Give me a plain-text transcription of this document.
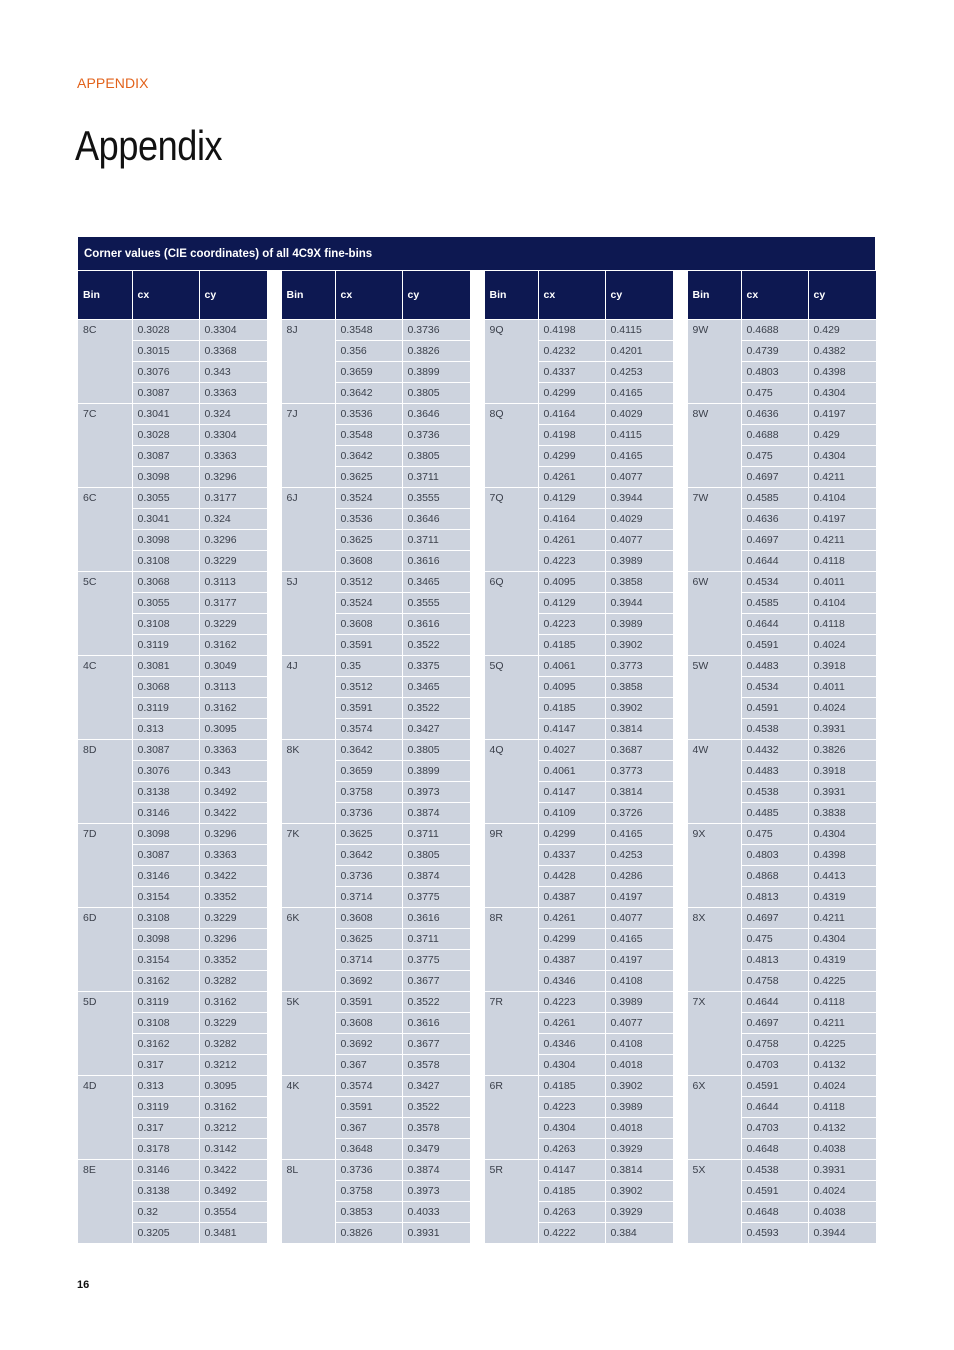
APPENDIX
Appendix
Corner values (CIE coordinates) of all 4C9X fine-bins
Bin	cx	cy		Bin	cx	cy		Bin	cx	cy		Bin	cx	cy
8C	0.3028	0.3304		8J	0.3548	0.3736		9Q	0.4198	0.4115		9W	0.4688	0.429
	0.3015	0.3368			0.356	0.3826			0.4232	0.4201			0.4739	0.4382
	0.3076	0.343			0.3659	0.3899			0.4337	0.4253			0.4803	0.4398
	0.3087	0.3363			0.3642	0.3805			0.4299	0.4165			0.475	0.4304
7C	0.3041	0.324		7J	0.3536	0.3646		8Q	0.4164	0.4029		8W	0.4636	0.4197
	0.3028	0.3304			0.3548	0.3736			0.4198	0.4115			0.4688	0.429
	0.3087	0.3363			0.3642	0.3805			0.4299	0.4165			0.475	0.4304
	0.3098	0.3296			0.3625	0.3711			0.4261	0.4077			0.4697	0.4211
6C	0.3055	0.3177		6J	0.3524	0.3555		7Q	0.4129	0.3944		7W	0.4585	0.4104
	0.3041	0.324			0.3536	0.3646			0.4164	0.4029			0.4636	0.4197
	0.3098	0.3296			0.3625	0.3711			0.4261	0.4077			0.4697	0.4211
	0.3108	0.3229			0.3608	0.3616			0.4223	0.3989			0.4644	0.4118
5C	0.3068	0.3113		5J	0.3512	0.3465		6Q	0.4095	0.3858		6W	0.4534	0.4011
	0.3055	0.3177			0.3524	0.3555			0.4129	0.3944			0.4585	0.4104
	0.3108	0.3229			0.3608	0.3616			0.4223	0.3989			0.4644	0.4118
	0.3119	0.3162			0.3591	0.3522			0.4185	0.3902			0.4591	0.4024
4C	0.3081	0.3049		4J	0.35	0.3375		5Q	0.4061	0.3773		5W	0.4483	0.3918
	0.3068	0.3113			0.3512	0.3465			0.4095	0.3858			0.4534	0.4011
	0.3119	0.3162			0.3591	0.3522			0.4185	0.3902			0.4591	0.4024
	0.313	0.3095			0.3574	0.3427			0.4147	0.3814			0.4538	0.3931
8D	0.3087	0.3363		8K	0.3642	0.3805		4Q	0.4027	0.3687		4W	0.4432	0.3826
	0.3076	0.343			0.3659	0.3899			0.4061	0.3773			0.4483	0.3918
	0.3138	0.3492			0.3758	0.3973			0.4147	0.3814			0.4538	0.3931
	0.3146	0.3422			0.3736	0.3874			0.4109	0.3726			0.4485	0.3838
7D	0.3098	0.3296		7K	0.3625	0.3711		9R	0.4299	0.4165		9X	0.475	0.4304
	0.3087	0.3363			0.3642	0.3805			0.4337	0.4253			0.4803	0.4398
	0.3146	0.3422			0.3736	0.3874			0.4428	0.4286			0.4868	0.4413
	0.3154	0.3352			0.3714	0.3775			0.4387	0.4197			0.4813	0.4319
6D	0.3108	0.3229		6K	0.3608	0.3616		8R	0.4261	0.4077		8X	0.4697	0.4211
	0.3098	0.3296			0.3625	0.3711			0.4299	0.4165			0.475	0.4304
	0.3154	0.3352			0.3714	0.3775			0.4387	0.4197			0.4813	0.4319
	0.3162	0.3282			0.3692	0.3677			0.4346	0.4108			0.4758	0.4225
5D	0.3119	0.3162		5K	0.3591	0.3522		7R	0.4223	0.3989		7X	0.4644	0.4118
	0.3108	0.3229			0.3608	0.3616			0.4261	0.4077			0.4697	0.4211
	0.3162	0.3282			0.3692	0.3677			0.4346	0.4108			0.4758	0.4225
	0.317	0.3212			0.367	0.3578			0.4304	0.4018			0.4703	0.4132
4D	0.313	0.3095		4K	0.3574	0.3427		6R	0.4185	0.3902		6X	0.4591	0.4024
	0.3119	0.3162			0.3591	0.3522			0.4223	0.3989			0.4644	0.4118
	0.317	0.3212			0.367	0.3578			0.4304	0.4018			0.4703	0.4132
	0.3178	0.3142			0.3648	0.3479			0.4263	0.3929			0.4648	0.4038
8E	0.3146	0.3422		8L	0.3736	0.3874		5R	0.4147	0.3814		5X	0.4538	0.3931
	0.3138	0.3492			0.3758	0.3973			0.4185	0.3902			0.4591	0.4024
	0.32	0.3554			0.3853	0.4033			0.4263	0.3929			0.4648	0.4038
	0.3205	0.3481			0.3826	0.3931			0.4222	0.384			0.4593	0.3944
16
